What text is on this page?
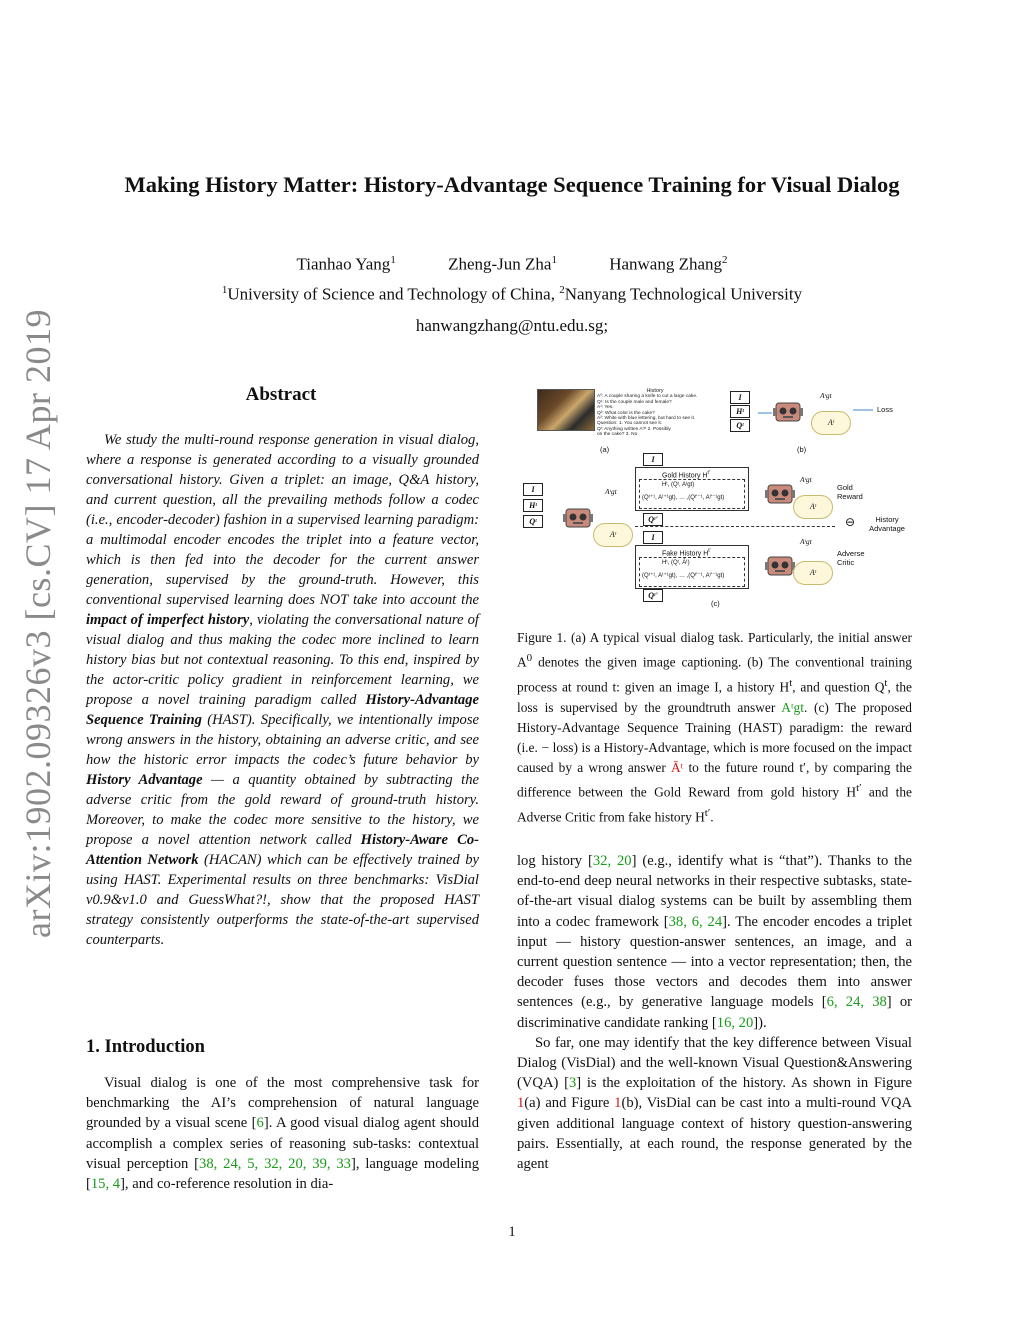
arXiv:1902.09326v3 [cs.CV] 17 Apr 2019
Making History Matter: History-Advantage Sequence Training for Visual Dialog
Tianhao Yang$^1$	Zheng-Jun Zha$^1$	Hanwang Zhang$^2$
$^1$University of Science and Technology of China, $^2$Nanyang Technological University
hanwangzhang@ntu.edu.sg;
Abstract
We study the multi-round response generation in visual dialog, where a response is generated according to a visually grounded conversational history. Given a triplet: an image, Q&A history, and current question, all the prevailing methods follow a codec (i.e., encoder-decoder) fashion in a supervised learning paradigm: a multimodal encoder encodes the triplet into a feature vector, which is then fed into the decoder for the current answer generation, supervised by the ground-truth. However, this conventional supervised learning does NOT take into account the impact of imperfect history, violating the conversational nature of visual dialog and thus making the codec more inclined to learn history bias but not contextual reasoning. To this end, inspired by the actor-critic policy gradient in reinforcement learning, we propose a novel training paradigm called History-Advantage Sequence Training (HAST). Specifically, we intentionally impose wrong answers in the history, obtaining an adverse critic, and see how the historic error impacts the codec’s future behavior by History Advantage — a quantity obtained by subtracting the adverse critic from the gold reward of ground-truth history. Moreover, to make the codec more sensitive to the history, we propose a novel attention network called History-Aware Co-Attention Network (HACAN) which can be effectively trained by using HAST. Experimental results on three benchmarks: VisDial v0.9&v1.0 and GuessWhat?!, show that the proposed HAST strategy consistently outperforms the state-of-the-art supervised counterparts.
1. Introduction
Visual dialog is one of the most comprehensive task for benchmarking the AI’s comprehension of natural language grounded by a visual scene [6]. A good visual dialog agent should accomplish a complex series of reasoning sub-tasks: contextual visual perception [38, 24, 5, 32, 20, 39, 33], language modeling [15, 4], and co-reference resolution in dia-
History
A⁰: A couple sharing a knife to cut a large cake.
Q¹: Is the couple male and female?
A¹: Yes.
Q²: What color is the cake?
A²: White with blue lettering, but hard to see it.
Question: 1. You cannot see it.
Qᵗ: Anything written A?ᵗ 2. Possibly
on the cake? 3. No
(a)
I
Hᵗ
Qᵗ	Aᵗ
Aᵗgt
Loss
(b)
I
Hᵗ
Qᵗ
Aᵗ
Aᵗgt
I
Gold History $H^{t'}$
Hᵗ, (Qᵗ, Aᵗgt)
(Qᵗ⁺¹, Aᵗ⁺¹gt), … ,(Qᵗ'⁻¹, Aᵗ'⁻¹gt)
Qᵗ'
Aᵗ
Aᵗgt
Gold Reward
⊖	History Advantage
I
Fake History $H^{t'}$
Hᵗ, (Qᵗ, Āᵗ)
(Qᵗ⁺¹, Aᵗ⁺¹gt), … ,(Qᵗ'⁻¹, Aᵗ'⁻¹gt)
Qᵗ'
Aᵗ
Aᵗgt
Adverse Critic
(c)
Figure 1. (a) A typical visual dialog task. Particularly, the initial answer $A^0$ denotes the given image captioning. (b) The conventional training process at round t: given an image I, a history $H^t$, and question $Q^t$, the loss is supervised by the groundtruth answer Aᵗgt. (c) The proposed History-Advantage Sequence Training (HAST) paradigm: the reward (i.e. − loss) is a History-Advantage, which is more focused on the impact caused by a wrong answer Āᵗ to the future round t′, by comparing the difference between the Gold Reward from gold history $H^{t'}$ and the Adverse Critic from fake history $H^{t'}$.

log history [32, 20] (e.g., identify what is “that”). Thanks to the end-to-end deep neural networks in their respective subtasks, state-of-the-art visual dialog systems can be built by assembling them into a codec framework [38, 6, 24]. The encoder encodes a triplet input — history question-answer sentences, an image, and a current question sentence — into a vector representation; then, the decoder fuses those vectors and decodes them into answer sentences (e.g., by generative language models [6, 24, 38] or discriminative candidate ranking [16, 20]).

So far, one may identify that the key difference between Visual Dialog (VisDial) and the well-known Visual Question&Answering (VQA) [3] is the exploitation of the history. As shown in Figure 1(a) and Figure 1(b), VisDial can be cast into a multi-round VQA given additional language context of history question-answering pairs. Essentially, at each round, the response generated by the agent

1
